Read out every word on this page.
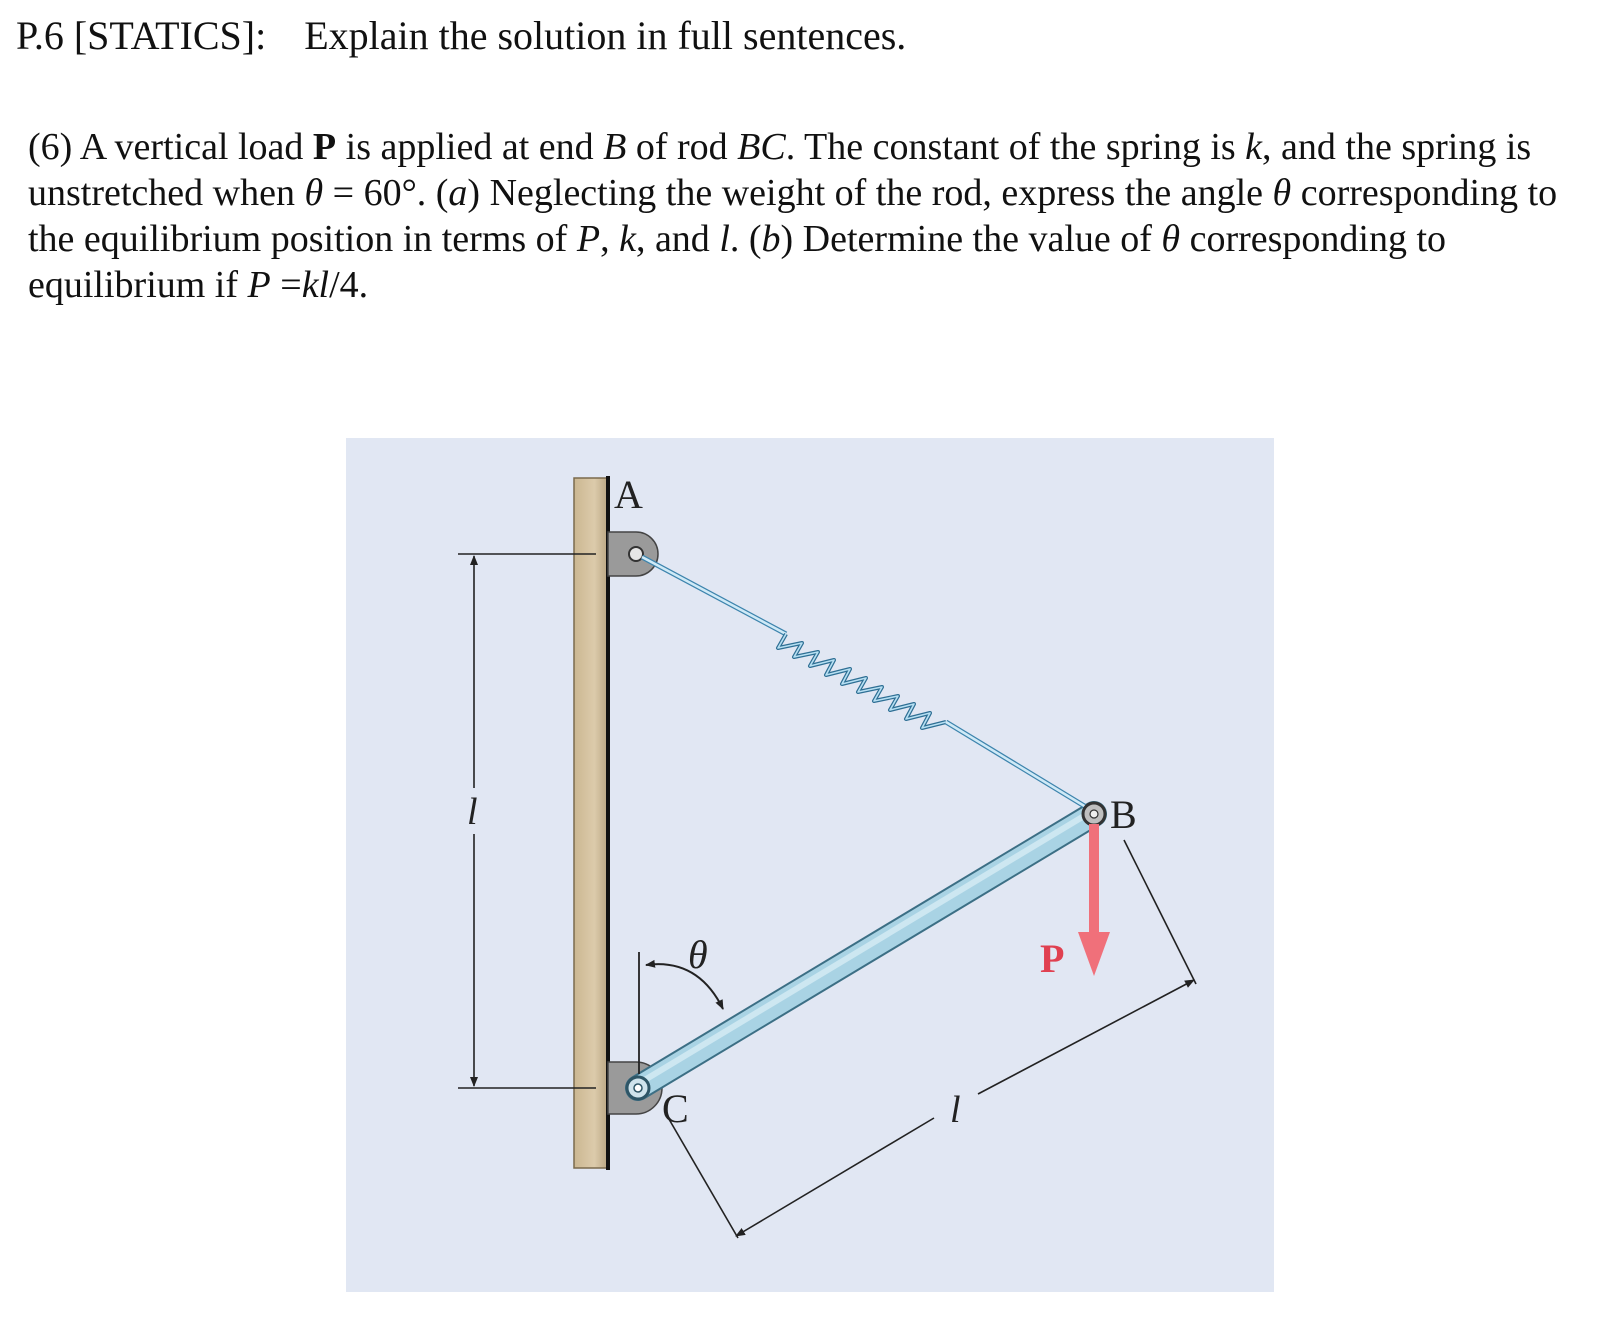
P.6 [STATICS]: Explain the solution in full sentences.

(6) A vertical load P is applied at end B of rod BC. The constant of the spring is k, and the spring is unstretched when θ = 60°. (a) Neglecting the weight of the rod, express the angle θ corresponding to the equilibrium position in terms of P, k, and l. (b) Determine the value of θ corresponding to equilibrium if P =kl/4.

l
A
C
B
P
θ
l
